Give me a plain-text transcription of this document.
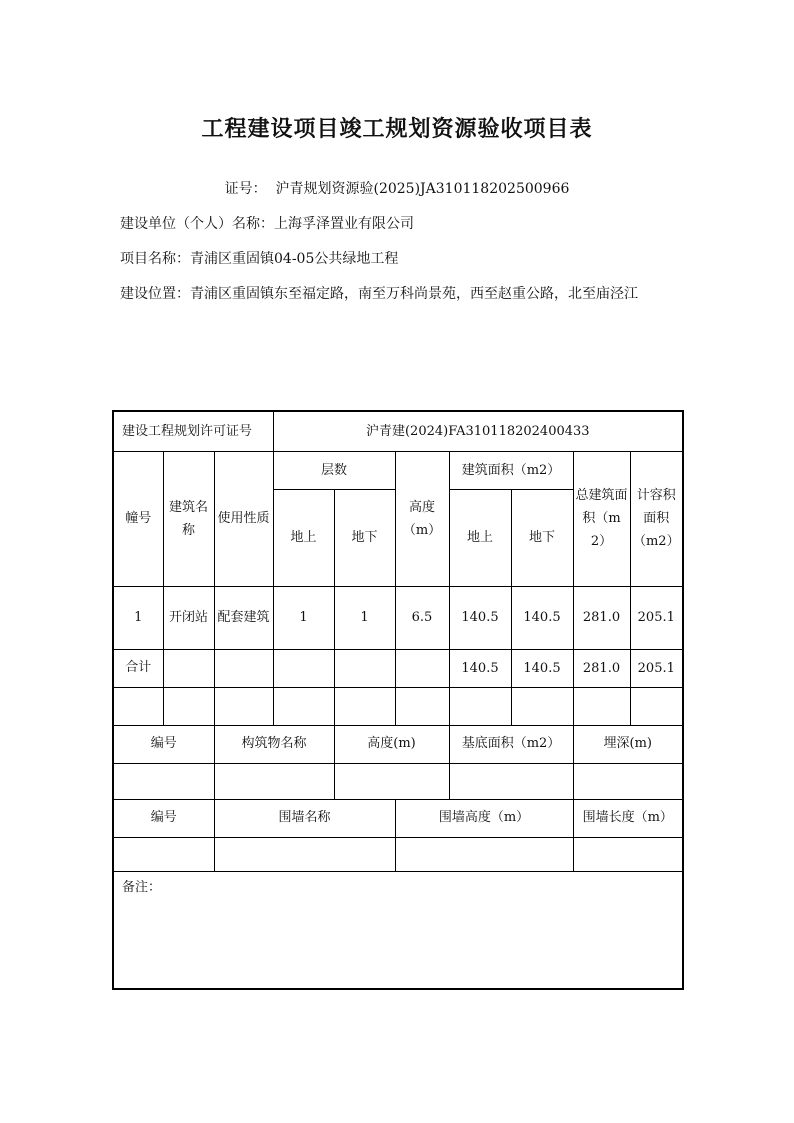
工程建设项目竣工规划资源验收项目表
证号： 沪青规划资源验(2025)JA310118202500966
建设单位（个人）名称：上海孚泽置业有限公司
项目名称：青浦区重固镇04-05公共绿地工程
建设位置：青浦区重固镇东至福定路，南至万科尚景苑，西至赵重公路，北至庙泾江
建设工程规划许可证号			沪青建(2024)FA310118202400433						
幢号	建筑名称	使用性质	层数		高度（m）	建筑面积（m2）		总建筑面积（m2）	计容积面积（m2）
			地上	地下		地上	地下		
1	开闭站	配套建筑	1	1	6.5	140.5	140.5	281.0	205.1
合计						140.5	140.5	281.0	205.1

编号		构筑物名称		高度(m)		基底面积（m2）		埋深(m)	

编号		围墙名称			围墙高度（m）			围墙长度（m）	

备注：									
